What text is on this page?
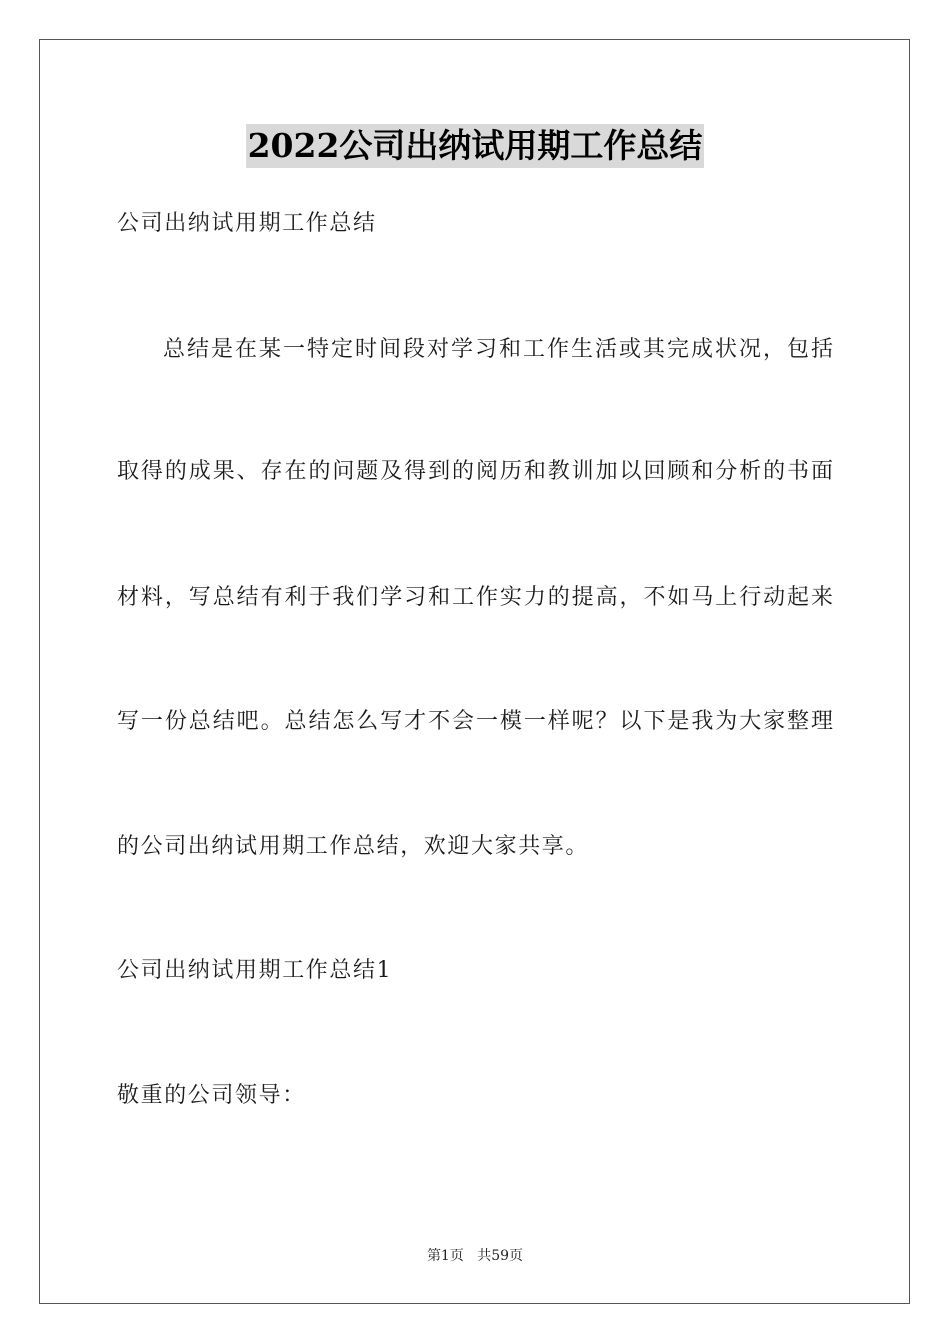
2022公司出纳试用期工作总结
公司出纳试用期工作总结
总结是在某一特定时间段对学习和工作生活或其完成状况，包括
取得的成果、存在的问题及得到的阅历和教训加以回顾和分析的书面
材料，写总结有利于我们学习和工作实力的提高，不如马上行动起来
写一份总结吧。总结怎么写才不会一模一样呢？以下是我为大家整理
的公司出纳试用期工作总结，欢迎大家共享。
公司出纳试用期工作总结1
敬重的公司领导：
第1页 共59页
